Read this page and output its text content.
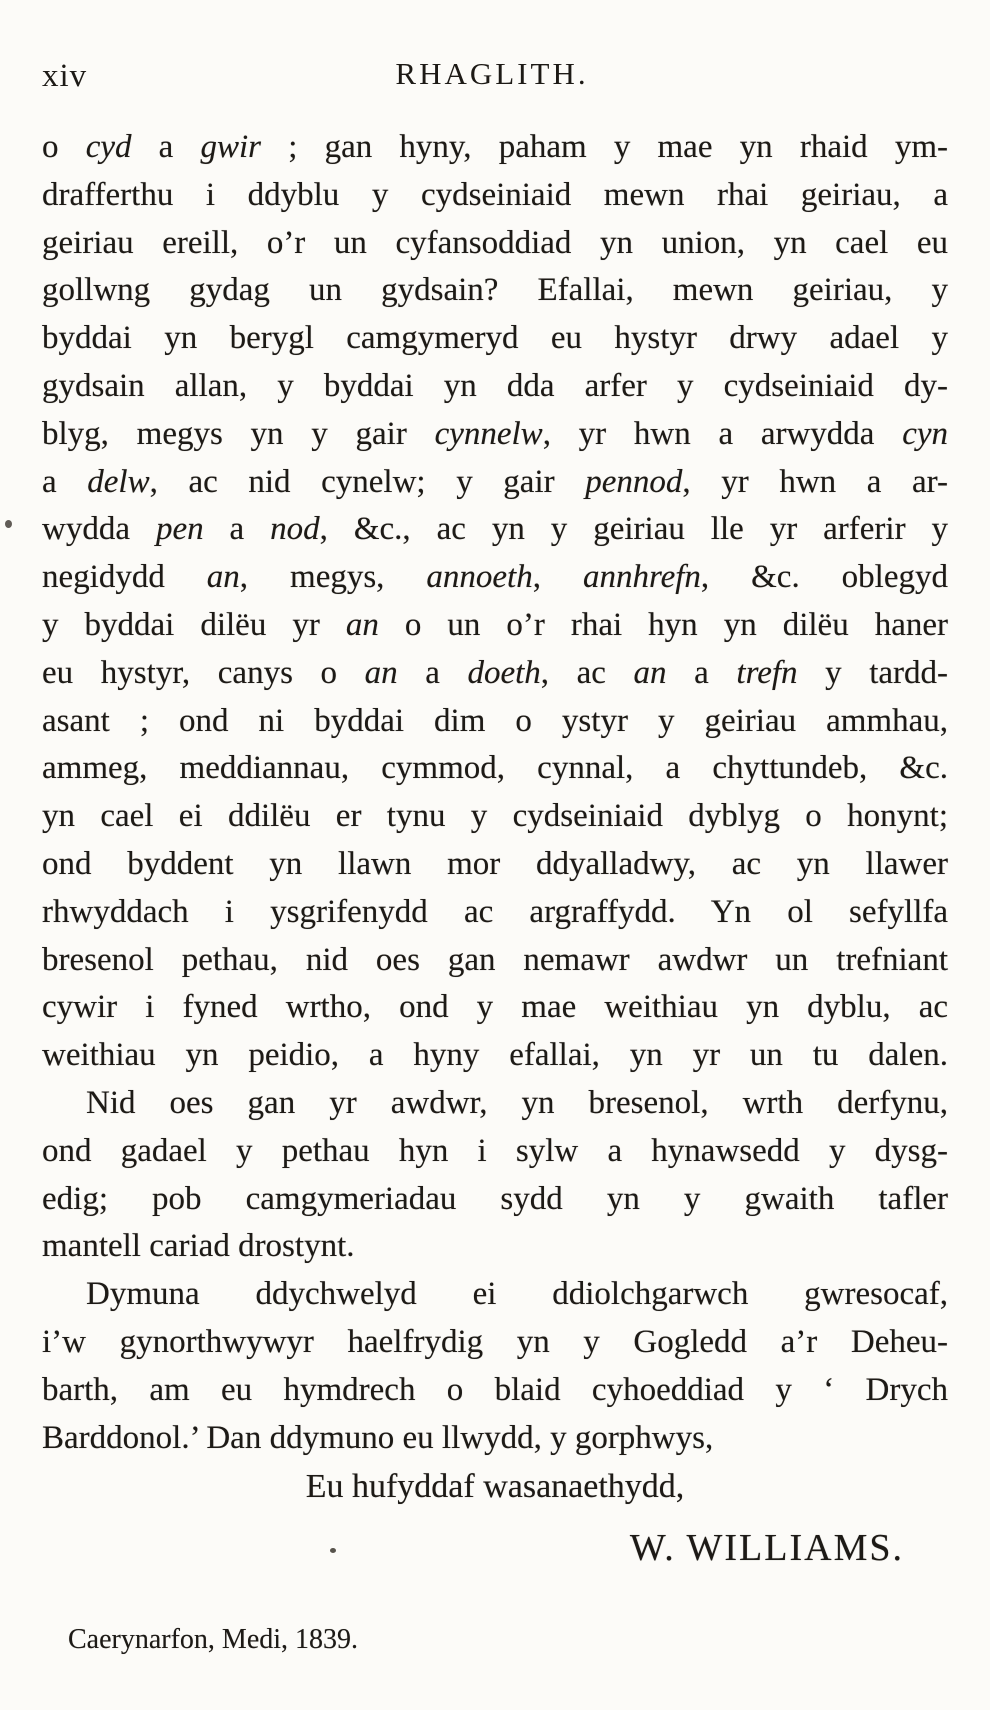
xiv	RHAGLITH.
o cyd a gwir ; gan hyny, paham y mae yn rhaid ym-
drafferthu i ddyblu y cydseiniaid mewn rhai geiriau, a
geiriau ereill, o’r un cyfansoddiad yn union, yn cael eu
gollwng gydag un gydsain? Efallai, mewn geiriau, y
byddai yn berygl camgymeryd eu hystyr drwy adael y
gydsain allan, y byddai yn dda arfer y cydseiniaid dy-
blyg, megys yn y gair cynnelw, yr hwn a arwydda cyn
a delw, ac nid cynelw; y gair pennod, yr hwn a ar-
wydda pen a nod, &c., ac yn y geiriau lle yr arferir y
negidydd an, megys, annoeth, annhrefn, &c. oblegyd
y byddai dilëu yr an o un o’r rhai hyn yn dilëu haner
eu hystyr, canys o an a doeth, ac an a trefn y tardd-
asant ; ond ni byddai dim o ystyr y geiriau ammhau,
ammeg, meddiannau, cymmod, cynnal, a chyttundeb, &c.
yn cael ei ddilëu er tynu y cydseiniaid dyblyg o honynt;
ond byddent yn llawn mor ddyalladwy, ac yn llawer
rhwyddach i ysgrifenydd ac argraffydd. Yn ol sefyllfa
bresenol pethau, nid oes gan nemawr awdwr un trefniant
cywir i fyned wrtho, ond y mae weithiau yn dyblu, ac
weithiau yn peidio, a hyny efallai, yn yr un tu dalen.
Nid oes gan yr awdwr, yn bresenol, wrth derfynu,
ond gadael y pethau hyn i sylw a hynawsedd y dysg-
edig; pob camgymeriadau sydd yn y gwaith tafler
mantell cariad drostynt.
Dymuna ddychwelyd ei ddiolchgarwch gwresocaf,
i’w gynorthwywyr haelfrydig yn y Gogledd a’r Deheu-
barth, am eu hymdrech o blaid cyhoeddiad y ‘ Drych
Barddonol.’ Dan ddymuno eu llwydd, y gorphwys,
Eu hufyddaf wasanaethydd,
W. WILLIAMS.
Caerynarfon, Medi, 1839.
